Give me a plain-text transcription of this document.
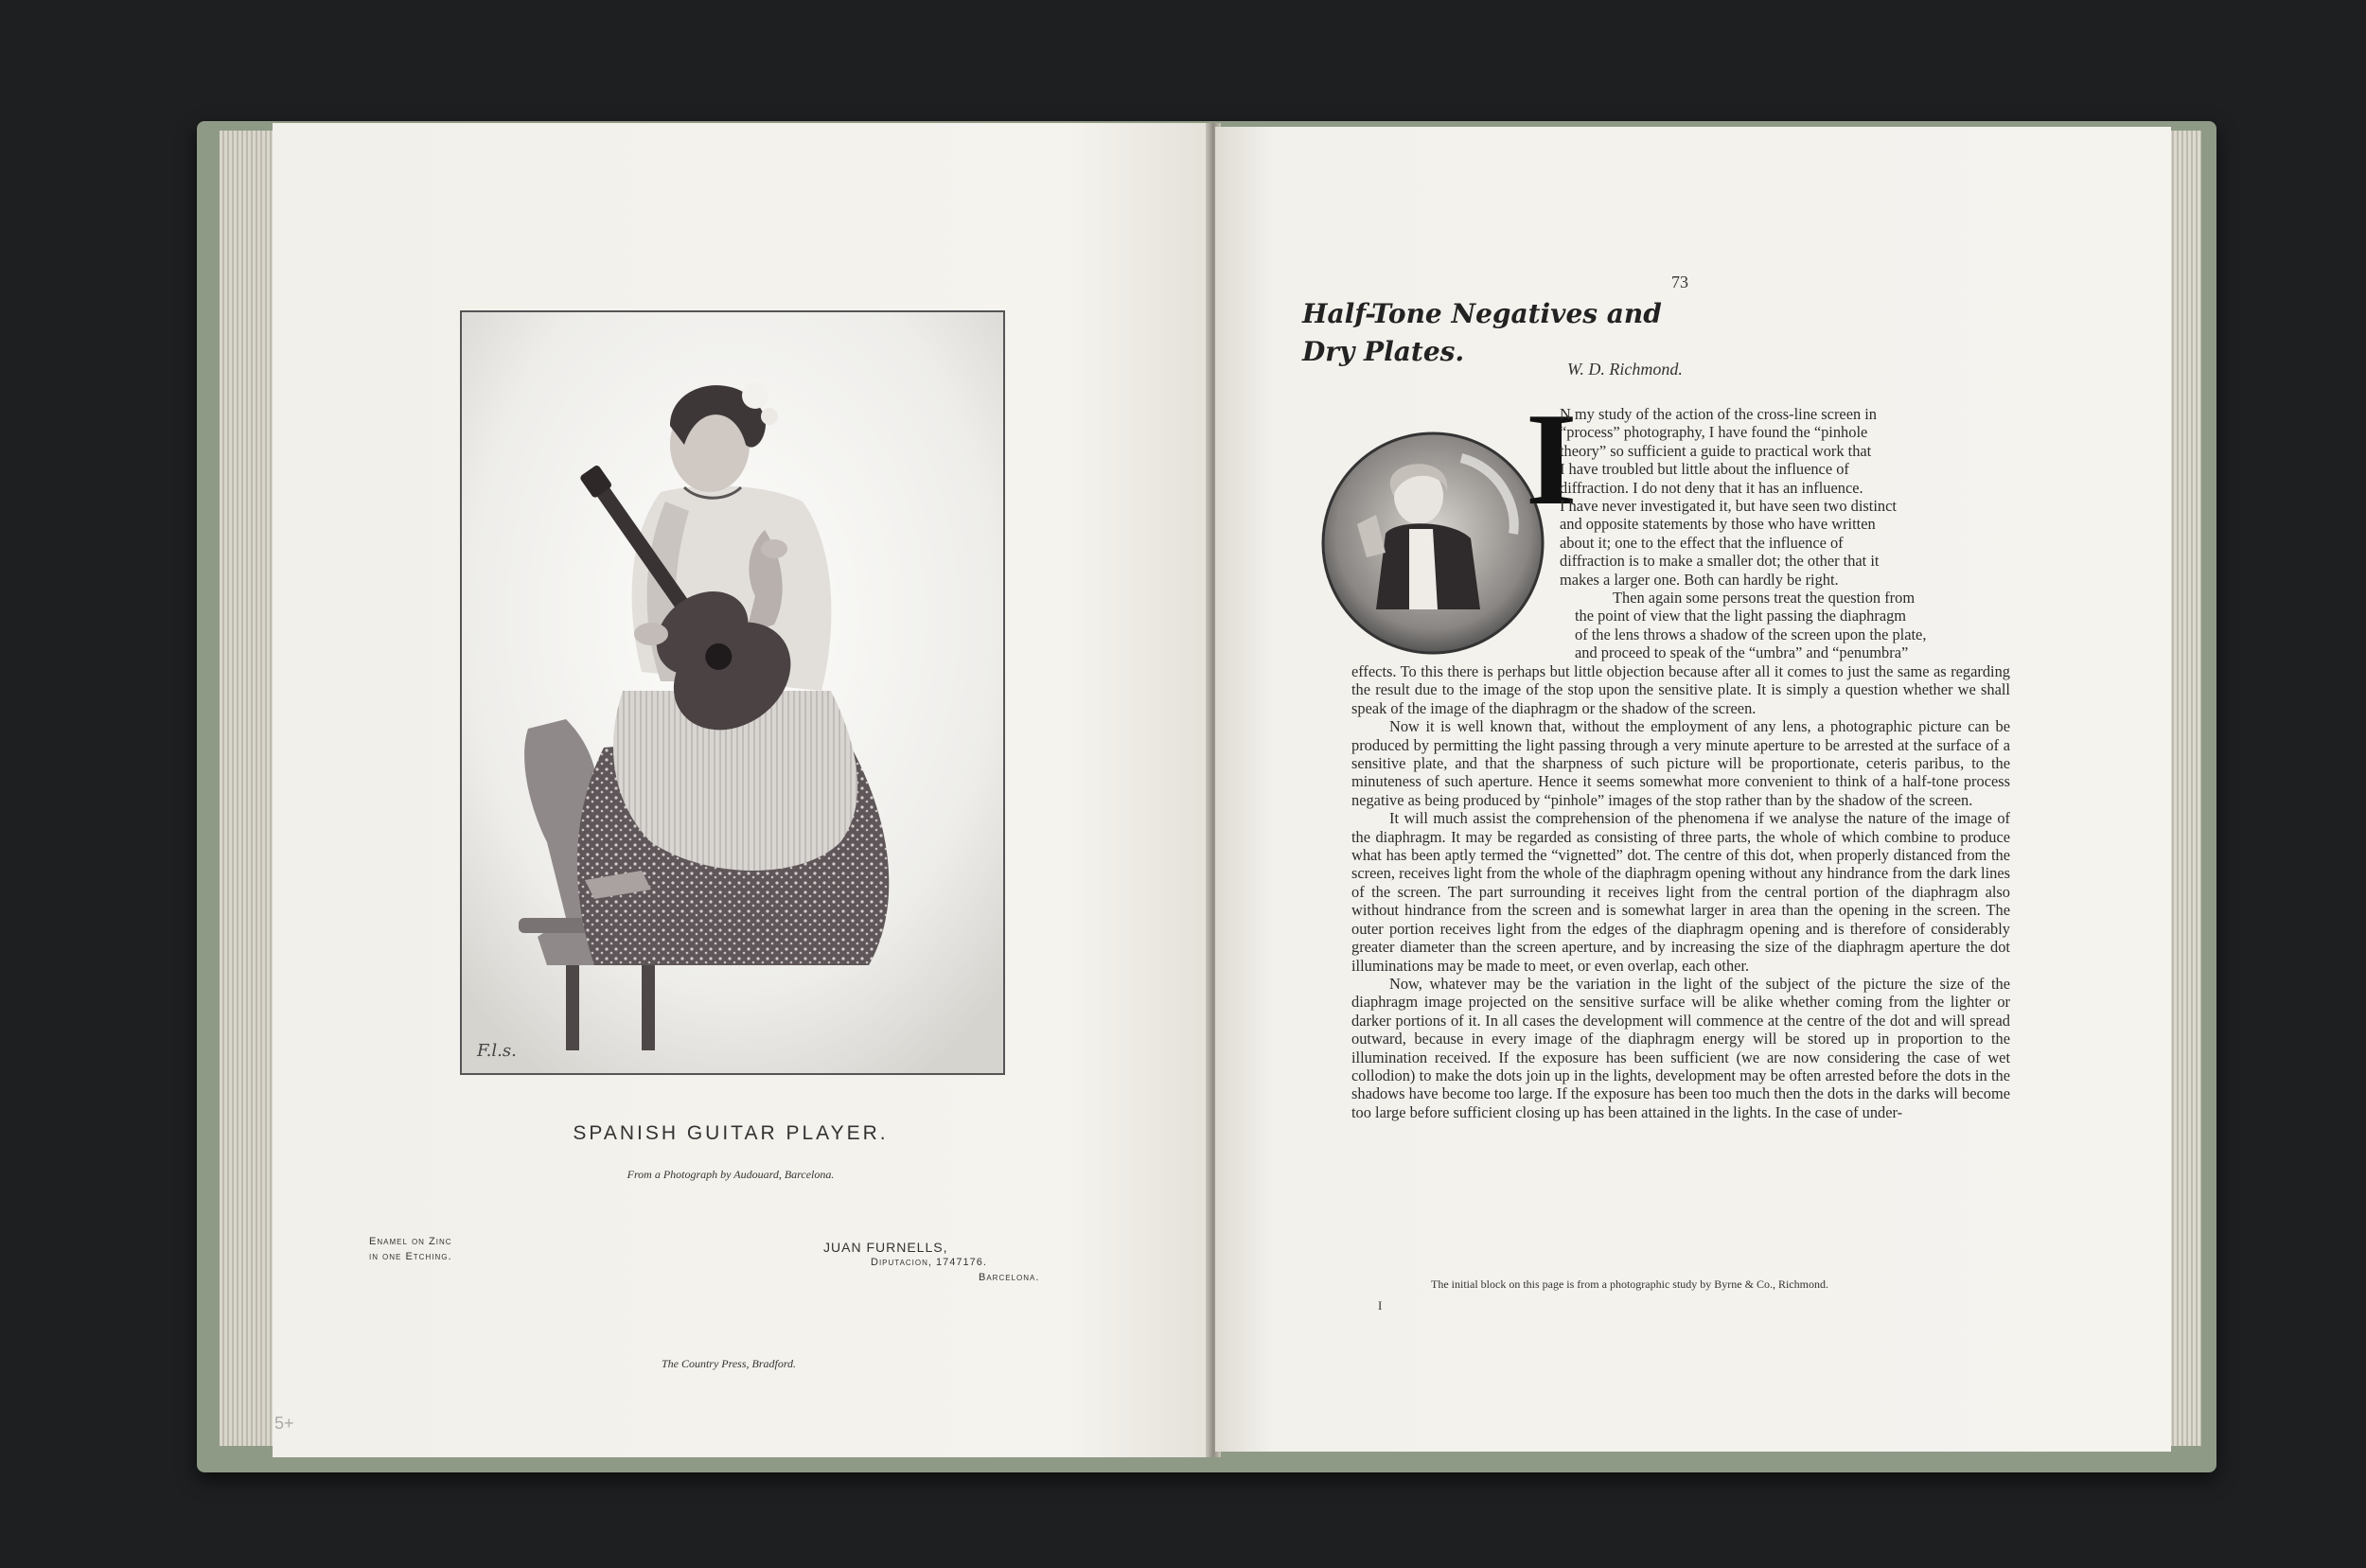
F.l.s.
SPANISH GUITAR PLAYER.
From a Photograph by Audouard, Barcelona.
Enamel on Zinc
in one Etching.
JUAN FURNELLS,
Diputacion, 1747176.
Barcelona.
The Country Press, Bradford.
5+
73
Half-Tone Negatives and
Dry Plates.
W. D. Richmond.
I

N my study of the action of the cross-line screen in

“process” photography, I have found the “pinhole

theory” so sufficient a guide to practical work that

I have troubled but little about the influence of

diffraction. I do not deny that it has an influence.

I have never investigated it, but have seen two distinct

and opposite statements by those who have written

about it; one to the effect that the influence of

diffraction is to make a smaller dot; the other that it

makes a larger one. Both can hardly be right.

Then again some persons treat the question from

the point of view that the light passing the diaphragm

of the lens throws a shadow of the screen upon the plate,

and proceed to speak of the “umbra” and “penumbra”

effects. To this there is perhaps but little objection because after all it comes to just the same as regarding the result due to the image of the stop upon the sensitive plate. It is simply a question whether we shall speak of the image of the diaphragm or the shadow of the screen.

Now it is well known that, without the employment of any lens, a photographic picture can be produced by permitting the light passing through a very minute aperture to be arrested at the surface of a sensitive plate, and that the sharpness of such picture will be proportionate, ceteris paribus, to the minuteness of such aperture. Hence it seems somewhat more convenient to think of a half-tone process negative as being produced by “pinhole” images of the stop rather than by the shadow of the screen.

It will much assist the comprehension of the phenomena if we analyse the nature of the image of the diaphragm. It may be regarded as consisting of three parts, the whole of which combine to produce what has been aptly termed the “vignetted” dot. The centre of this dot, when properly distanced from the screen, receives light from the whole of the diaphragm opening without any hindrance from the dark lines of the screen. The part surrounding it receives light from the central portion of the diaphragm also without hindrance from the screen and is somewhat larger in area than the opening in the screen. The outer portion receives light from the edges of the diaphragm opening and is therefore of considerably greater diameter than the screen aperture, and by increasing the size of the diaphragm aperture the dot illuminations may be made to meet, or even overlap, each other.

Now, whatever may be the variation in the light of the subject of the picture the size of the diaphragm image projected on the sensitive surface will be alike whether coming from the lighter or darker portions of it. In all cases the development will commence at the centre of the dot and will spread outward, because in every image of the diaphragm energy will be stored up in proportion to the illumination received. If the exposure has been sufficient (we are now considering the case of wet collodion) to make the dots join up in the lights, development may be often arrested before the dots in the shadows have become too large. If the exposure has been too much then the dots in the darks will become too large before sufficient closing up has been attained in the lights. In the case of under-

The initial block on this page is from a photographic study by Byrne & Co., Richmond.
I
